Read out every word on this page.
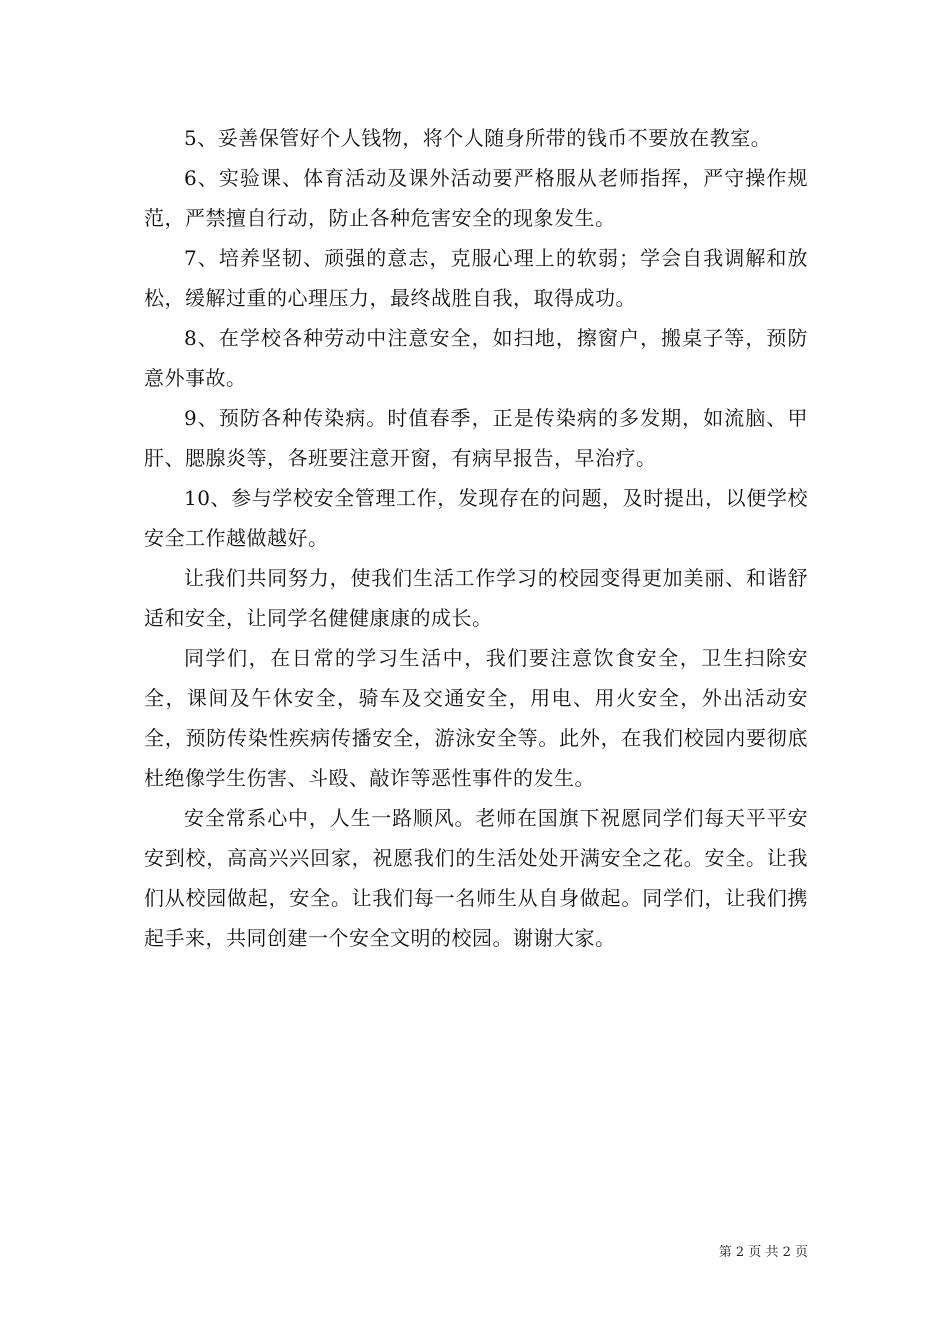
5、妥善保管好个人钱物，将个人随身所带的钱币不要放在教室。

6、实验课、体育活动及课外活动要严格服从老师指挥，严守操作规范，严禁擅自行动，防止各种危害安全的现象发生。

7、培养坚韧、顽强的意志，克服心理上的软弱；学会自我调解和放松，缓解过重的心理压力，最终战胜自我，取得成功。

8、在学校各种劳动中注意安全，如扫地，擦窗户，搬桌子等，预防意外事故。

9、预防各种传染病。时值春季，正是传染病的多发期，如流脑、甲肝、腮腺炎等，各班要注意开窗，有病早报告，早治疗。

10、参与学校安全管理工作，发现存在的问题，及时提出，以便学校安全工作越做越好。

让我们共同努力，使我们生活工作学习的校园变得更加美丽、和谐舒适和安全，让同学名健健康康的成长。

同学们，在日常的学习生活中，我们要注意饮食安全，卫生扫除安全，课间及午休安全，骑车及交通安全，用电、用火安全，外出活动安全，预防传染性疾病传播安全，游泳安全等。此外，在我们校园内要彻底杜绝像学生伤害、斗殴、敲诈等恶性事件的发生。

安全常系心中，人生一路顺风。老师在国旗下祝愿同学们每天平平安安到校，高高兴兴回家，祝愿我们的生活处处开满安全之花。安全。让我们从校园做起，安全。让我们每一名师生从自身做起。同学们，让我们携起手来，共同创建一个安全文明的校园。谢谢大家。

第 2 页 共 2 页
